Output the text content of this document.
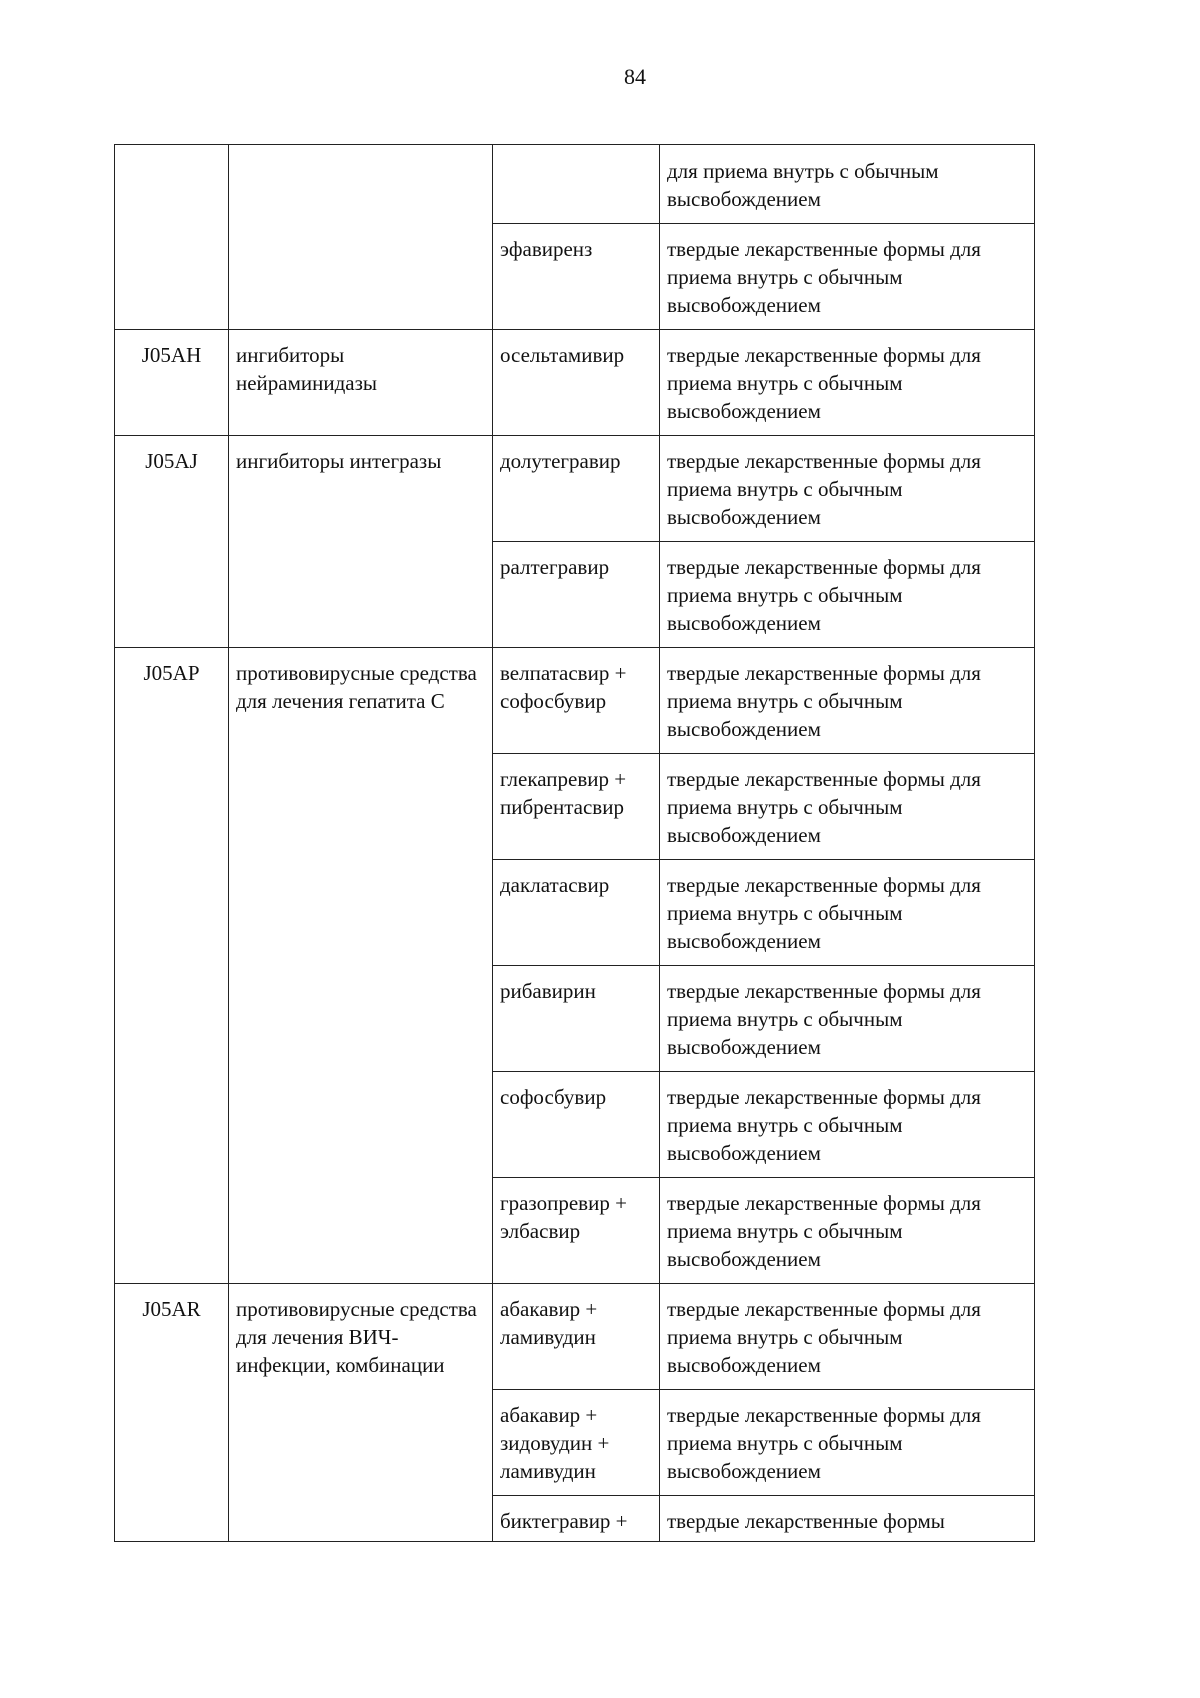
84
			для приема внутрь с обычным высвобождением
		эфавиренз	твердые лекарственные формы для приема внутрь с обычным высвобождением
J05AH	ингибиторы нейраминидазы	осельтамивир	твердые лекарственные формы для приема внутрь с обычным высвобождением
J05AJ	ингибиторы интегразы	долутегравир	твердые лекарственные формы для приема внутрь с обычным высвобождением
		ралтегравир	твердые лекарственные формы для приема внутрь с обычным высвобождением
J05AP	противовирусные средства для лечения гепатита С	велпатасвир + софосбувир	твердые лекарственные формы для приема внутрь с обычным высвобождением
		глекапревир + пибрентасвир	твердые лекарственные формы для приема внутрь с обычным высвобождением
		даклатасвир	твердые лекарственные формы для приема внутрь с обычным высвобождением
		рибавирин	твердые лекарственные формы для приема внутрь с обычным высвобождением
		софосбувир	твердые лекарственные формы для приема внутрь с обычным высвобождением
		гразопревир + элбасвир	твердые лекарственные формы для приема внутрь с обычным высвобождением
J05AR	противовирусные средства для лечения ВИЧ-инфекции, комбинации	абакавир + ламивудин	твердые лекарственные формы для приема внутрь с обычным высвобождением
		абакавир + зидовудин + ламивудин	твердые лекарственные формы для приема внутрь с обычным высвобождением
		биктегравир +	твердые лекарственные формы
